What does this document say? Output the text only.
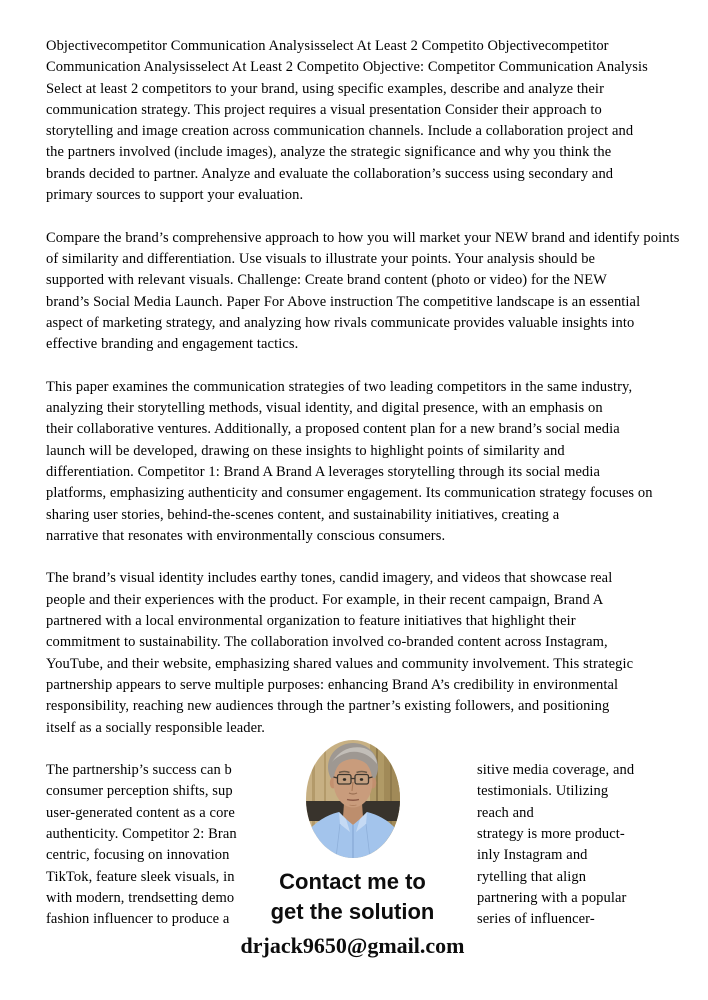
Objectivecompetitor Communication Analysisselect At Least 2 Competito Objectivecompetitor
Communication Analysisselect At Least 2 Competito Objective: Competitor Communication Analysis
Select at least 2 competitors to your brand, using specific examples, describe and analyze their
communication strategy. This project requires a visual presentation Consider their approach to
storytelling and image creation across communication channels. Include a collaboration project and
the partners involved (include images), analyze the strategic significance and why you think the
brands decided to partner. Analyze and evaluate the collaboration’s success using secondary and
primary sources to support your evaluation.
Compare the brand’s comprehensive approach to how you will market your NEW brand and identify points
of similarity and differentiation. Use visuals to illustrate your points. Your analysis should be
supported with relevant visuals. Challenge: Create brand content (photo or video) for the NEW
brand’s Social Media Launch. Paper For Above instruction The competitive landscape is an essential
aspect of marketing strategy, and analyzing how rivals communicate provides valuable insights into
effective branding and engagement tactics.
This paper examines the communication strategies of two leading competitors in the same industry,
analyzing their storytelling methods, visual identity, and digital presence, with an emphasis on
their collaborative ventures. Additionally, a proposed content plan for a new brand’s social media
launch will be developed, drawing on these insights to highlight points of similarity and
differentiation. Competitor 1: Brand A Brand A leverages storytelling through its social media
platforms, emphasizing authenticity and consumer engagement. Its communication strategy focuses on
sharing user stories, behind-the-scenes content, and sustainability initiatives, creating a
narrative that resonates with environmentally conscious consumers.
The brand’s visual identity includes earthy tones, candid imagery, and videos that showcase real
people and their experiences with the product. For example, in their recent campaign, Brand A
partnered with a local environmental organization to feature initiatives that highlight their
commitment to sustainability. The collaboration involved co-branded content across Instagram,
YouTube, and their website, emphasizing shared values and community involvement. This strategic
partnership appears to serve multiple purposes: enhancing Brand A’s credibility in environmental
responsibility, reaching new audiences through the partner’s existing followers, and positioning
itself as a socially responsible leader.
The partnership’s success can b	sitive media coverage, and
consumer perception shifts, sup	testimonials. Utilizing
user-generated content as a core	reach and
authenticity. Competitor 2: Bran	strategy is more product-
centric, focusing on innovation	inly Instagram and
TikTok, feature sleek visuals, in	rytelling that align
with modern, trendsetting demo	partnering with a popular
fashion influencer to produce a	series of influencer-
Contact me to
get the solution
drjack9650@gmail.com
